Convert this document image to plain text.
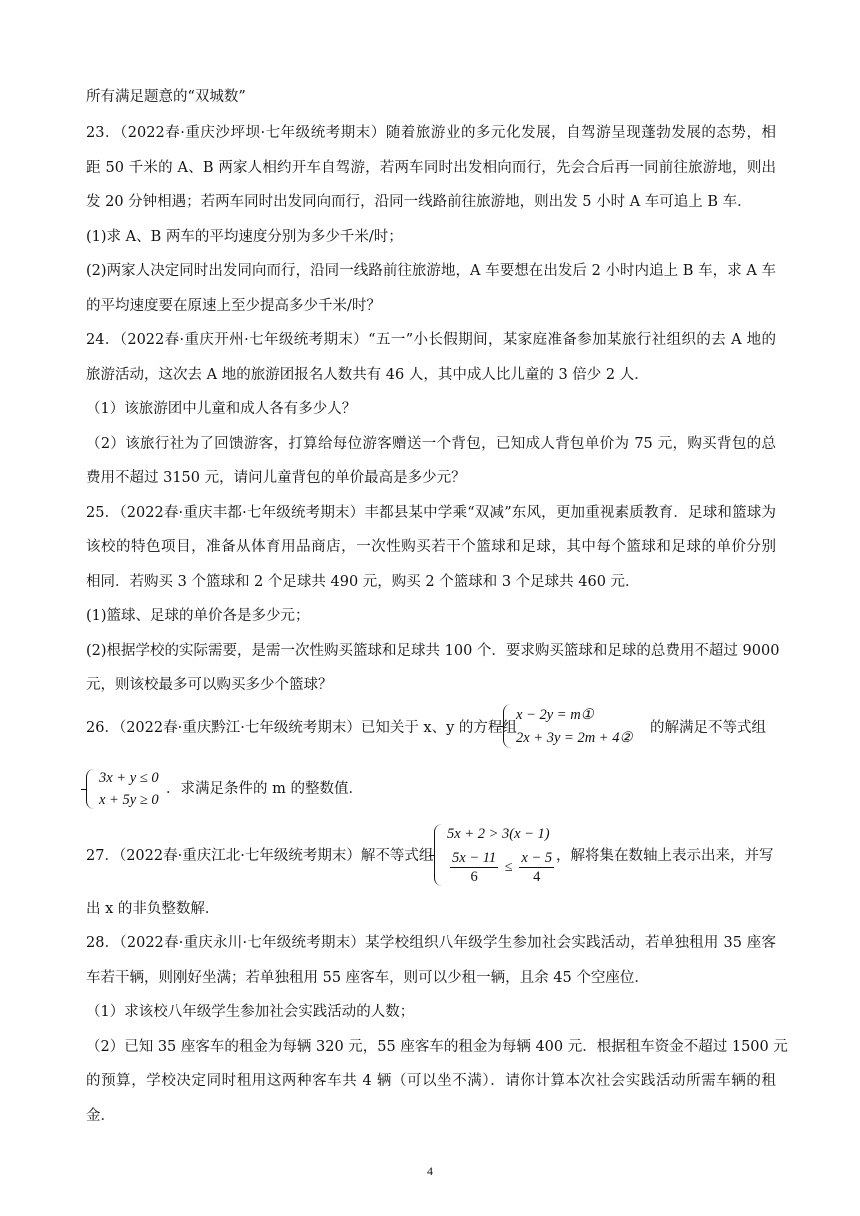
所有满足题意的“双城数”
23．（2022春·重庆沙坪坝·七年级统考期末）随着旅游业的多元化发展，自驾游呈现蓬勃发展的态势，相
距 50 千米的 A、B 两家人相约开车自驾游，若两车同时出发相向而行，先会合后再一同前往旅游地，则出
发 20 分钟相遇；若两车同时出发同向而行，沿同一线路前往旅游地，则出发 5 小时 A 车可追上 B 车．
(1)求 A、B 两车的平均速度分别为多少千米/时；
(2)两家人决定同时出发同向而行，沿同一线路前往旅游地，A 车要想在出发后 2 小时内追上 B 车，求 A 车
的平均速度要在原速上至少提高多少千米/时？
24．（2022春·重庆开州·七年级统考期末）“五一”小长假期间，某家庭准备参加某旅行社组织的去 A 地的
旅游活动，这次去 A 地的旅游团报名人数共有 46 人，其中成人比儿童的 3 倍少 2 人．
（1）该旅游团中儿童和成人各有多少人？
（2）该旅行社为了回馈游客，打算给每位游客赠送一个背包，已知成人背包单价为 75 元，购买背包的总
费用不超过 3150 元，请问儿童背包的单价最高是多少元？
25．（2022春·重庆丰都·七年级统考期末）丰都县某中学乘“双减”东风，更加重视素质教育．足球和篮球为
该校的特色项目，准备从体育用品商店，一次性购买若干个篮球和足球，其中每个篮球和足球的单价分别
相同．若购买 3 个篮球和 2 个足球共 490 元，购买 2 个篮球和 3 个足球共 460 元．
(1)篮球、足球的单价各是多少元；
(2)根据学校的实际需要，是需一次性购买篮球和足球共 100 个．要求购买篮球和足球的总费用不超过 9000
元，则该校最多可以购买多少个篮球？
26．（2022春·重庆黔江·七年级统考期末）已知关于 x、y 的方程组
x − 2y = m①
2x + 3y = 2m + 4②
的解满足不等式组
3x + y ≤ 0
x + 5y ≥ 0
．求满足条件的 m 的整数值．
27．（2022春·重庆江北·七年级统考期末）解不等式组
5x + 2 > 3(x − 1)
$\frac{5x - 11}{6} \le \frac{x - 5}{4}$ ，解将集在数轴上表示出来，并写
出 x 的非负整数解．
28．（2022春·重庆永川·七年级统考期末）某学校组织八年级学生参加社会实践活动，若单独租用 35 座客
车若干辆，则刚好坐满；若单独租用 55 座客车，则可以少租一辆，且余 45 个空座位．
（1）求该校八年级学生参加社会实践活动的人数；
（2）已知 35 座客车的租金为每辆 320 元，55 座客车的租金为每辆 400 元．根据租车资金不超过 1500 元
的预算，学校决定同时租用这两种客车共 4 辆（可以坐不满）．请你计算本次社会实践活动所需车辆的租
金．
4
